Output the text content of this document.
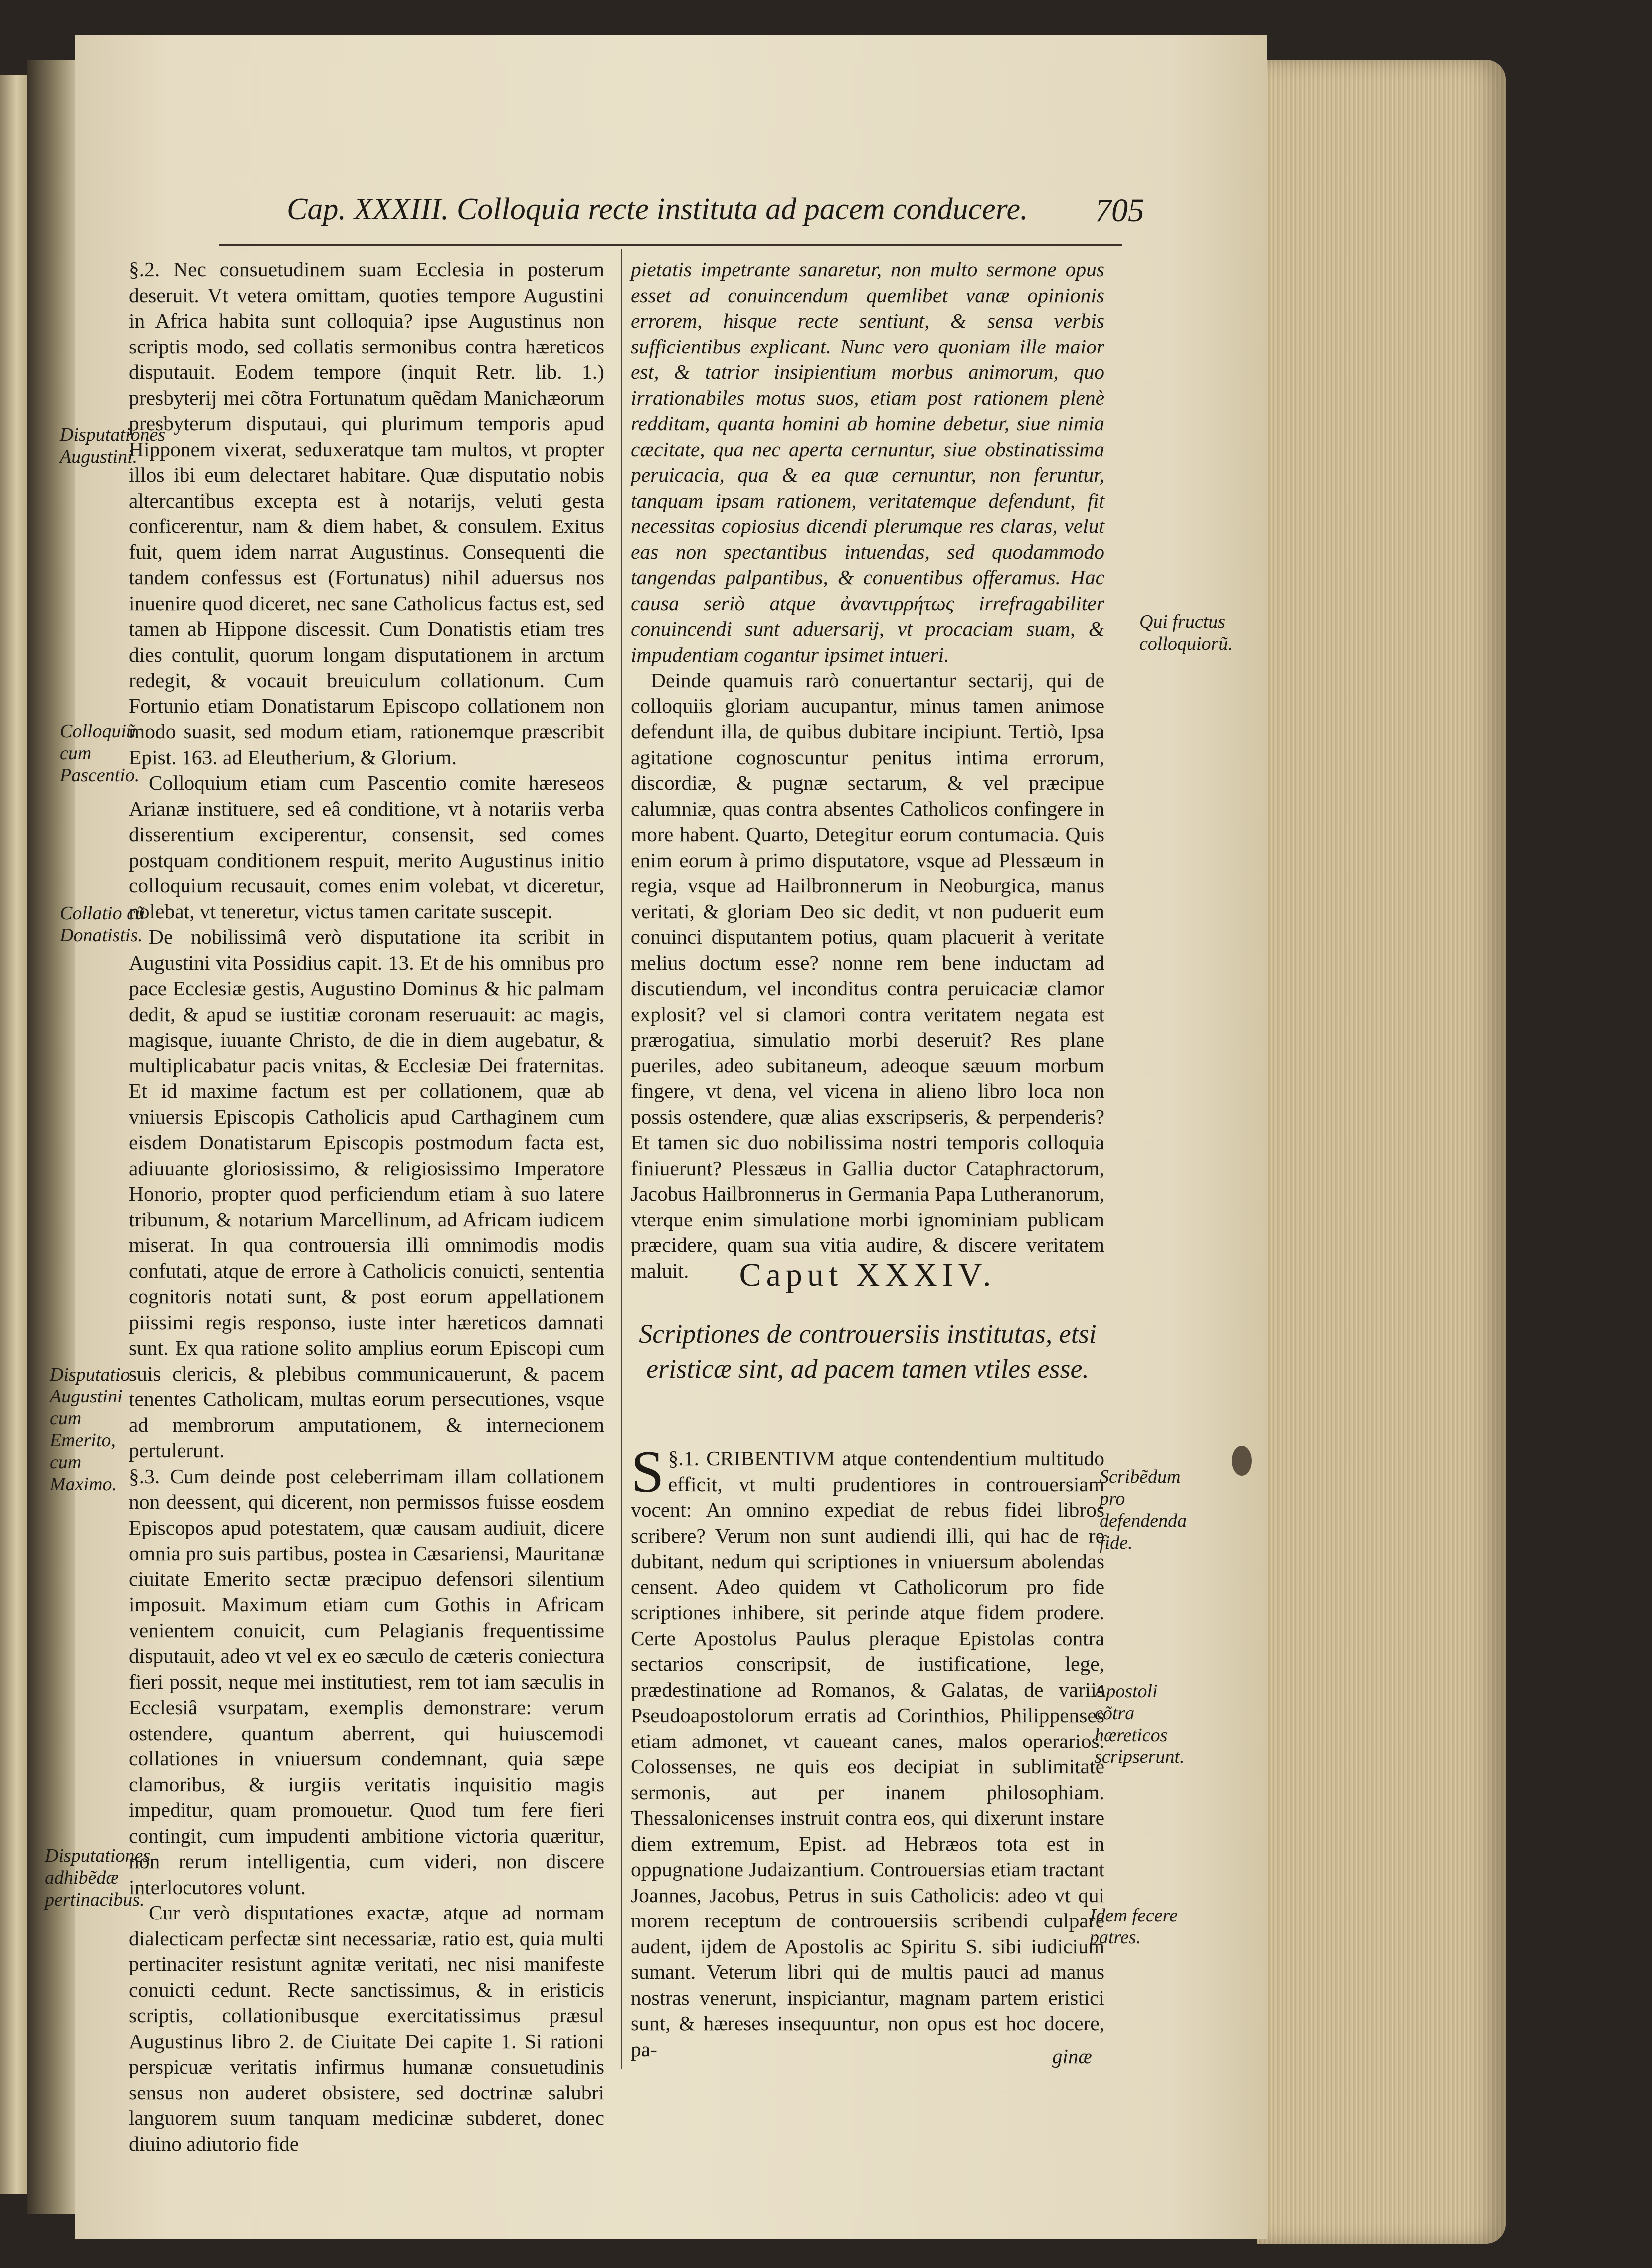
Cap. XXXIII. Colloquia recte instituta ad pacem conducere. 705

§.2. Nec consuetudinem suam Ecclesia in posterum deseruit. Vt vetera omittam, quoties tempore Augustini in Africa habita sunt colloquia? ipse Augustinus non scriptis modo, sed collatis sermonibus contra hæreticos disputauit. Eodem tempore (inquit Retr. lib. 1.) presbyterij mei cõtra Fortunatum quẽdam Manichæorum presbyterum disputaui, qui plurimum temporis apud Hipponem vixerat, seduxeratque tam multos, vt propter illos ibi eum delectaret habitare. Quæ disputatio nobis altercantibus excepta est à notarijs, veluti gesta conficerentur, nam & diem habet, & consulem. Exitus fuit, quem idem narrat Augustinus. Consequenti die tandem confessus est (Fortunatus) nihil aduersus nos inuenire quod diceret, nec sane Catholicus factus est, sed tamen ab Hippone discessit. Cum Donatistis etiam tres dies contulit, quorum longam disputationem in arctum redegit, & vocauit breuiculum collationum. Cum Fortunio etiam Donatistarum Episcopo collationem non modo suasit, sed modum etiam, rationemque præscribit Epist. 163. ad Eleutherium, & Glorium.

Colloquium etiam cum Pascentio comite hæreseos Arianæ instituere, sed eâ conditione, vt à notariis verba disserentium exciperentur, consensit, sed comes postquam conditionem respuit, merito Augustinus initio colloquium recusauit, comes enim volebat, vt diceretur, nolebat, vt teneretur, victus tamen caritate suscepit.

De nobilissimâ verò disputatione ita scribit in Augustini vita Possidius capit. 13. Et de his omnibus pro pace Ecclesiæ gestis, Augustino Dominus & hic palmam dedit, & apud se iustitiæ coronam reseruauit: ac magis, magisque, iuuante Christo, de die in diem augebatur, & multiplicabatur pacis vnitas, & Ecclesiæ Dei fraternitas. Et id maxime factum est per collationem, quæ ab vniuersis Episcopis Catholicis apud Carthaginem cum eisdem Donatistarum Episcopis postmodum facta est, adiuuante gloriosissimo, & religiosissimo Imperatore Honorio, propter quod perficiendum etiam à suo latere tribunum, & notarium Marcellinum, ad Africam iudicem miserat. In qua controuersia illi omnimodis modis confutati, atque de errore à Catholicis conuicti, sententia cognitoris notati sunt, & post eorum appellationem piissimi regis responso, iuste inter hæreticos damnati sunt. Ex qua ratione solito amplius eorum Episcopi cum suis clericis, & plebibus communicauerunt, & pacem tenentes Catholicam, multas eorum persecutiones, vsque ad membrorum amputationem, & internecionem pertulerunt.

§.3. Cum deinde post celeberrimam illam collationem non deessent, qui dicerent, non permissos fuisse eosdem Episcopos apud potestatem, quæ causam audiuit, dicere omnia pro suis partibus, postea in Cæsariensi, Mauritanæ ciuitate Emerito sectæ præcipuo defensori silentium imposuit. Maximum etiam cum Gothis in Africam venientem conuicit, cum Pelagianis frequentissime disputauit, adeo vt vel ex eo sæculo de cæteris coniectura fieri possit, neque mei institutiest, rem tot iam sæculis in Ecclesiâ vsurpatam, exemplis demonstrare: verum ostendere, quantum aberrent, qui huiuscemodi collationes in vniuersum condemnant, quia sæpe clamoribus, & iurgiis veritatis inquisitio magis impeditur, quam promouetur. Quod tum fere fieri contingit, cum impudenti ambitione victoria quæritur, non rerum intelligentia, cum videri, non discere interlocutores volunt.

Cur verò disputationes exactæ, atque ad normam dialecticam perfectæ sint necessariæ, ratio est, quia multi pertinaciter resistunt agnitæ veritati, nec nisi manifeste conuicti cedunt. Recte sanctissimus, & in eristicis scriptis, collationibusque exercitatissimus præsul Augustinus libro 2. de Ciuitate Dei capite 1. Si rationi perspicuæ veritatis infirmus humanæ consuetudinis sensus non auderet obsistere, sed doctrinæ salubri languorem suum tanquam medicinæ subderet, donec diuino adiutorio fide

pietatis impetrante sanaretur, non multo sermone opus esset ad conuincendum quemlibet vanæ opinionis errorem, hisque recte sentiunt, & sensa verbis sufficientibus explicant. Nunc vero quoniam ille maior est, & tatrior insipientium morbus animorum, quo irrationabiles motus suos, etiam post rationem plenè redditam, quanta homini ab homine debetur, siue nimia cæcitate, qua nec aperta cernuntur, siue obstinatissima peruicacia, qua & ea quæ cernuntur, non feruntur, tanquam ipsam rationem, veritatemque defendunt, fit necessitas copiosius dicendi plerumque res claras, velut eas non spectantibus intuendas, sed quodammodo tangendas palpantibus, & conuentibus offeramus. Hac causa seriò atque ἀναντιρρήτως irrefragabiliter conuincendi sunt aduersarij, vt procaciam suam, & impudentiam cogantur ipsimet intueri.

Deinde quamuis rarò conuertantur sectarij, qui de colloquiis gloriam aucupantur, minus tamen animose defendunt illa, de quibus dubitare incipiunt. Tertiò, Ipsa agitatione cognoscuntur penitus intima errorum, discordiæ, & pugnæ sectarum, & vel præcipue calumniæ, quas contra absentes Catholicos confingere in more habent. Quarto, Detegitur eorum contumacia. Quis enim eorum à primo disputatore, vsque ad Plessæum in regia, vsque ad Hailbronnerum in Neoburgica, manus veritati, & gloriam Deo sic dedit, vt non puduerit eum conuinci disputantem potius, quam placuerit à veritate melius doctum esse? nonne rem bene inductam ad discutiendum, vel inconditus contra peruicaciæ clamor explosit? vel si clamori contra veritatem negata est prærogatiua, simulatio morbi deseruit? Res plane pueriles, adeo subitaneum, adeoque sæuum morbum fingere, vt dena, vel vicena in alieno libro loca non possis ostendere, quæ alias exscripseris, & perpenderis? Et tamen sic duo nobilissima nostri temporis colloquia finiuerunt? Plessæus in Gallia ductor Cataphractorum, Jacobus Hailbronnerus in Germania Papa Lutheranorum, vterque enim simulatione morbi ignominiam publicam præcidere, quam sua vitia audire, & discere veritatem maluit.	Caput XXXIV.
Scriptiones de controuersiis institutas, etsi eristicæ sint, ad pacem tamen vtiles esse.
§.1.
S CRIBENTIVM atque contendentium multitudo efficit, vt multi prudentiores in controuersiam vocent: An omnino expediat de rebus fidei libros scribere? Verum non sunt audiendi illi, qui hac de re dubitant, nedum qui scriptiones in vniuersum abolendas censent. Adeo quidem vt Catholicorum pro fide scriptiones inhibere, sit perinde atque fidem prodere. Certe Apostolus Paulus pleraque Epistolas contra sectarios conscripsit, de iustificatione, lege, prædestinatione ad Romanos, & Galatas, de variis Pseudoapostolorum erratis ad Corinthios, Philippenses etiam admonet, vt caueant canes, malos operarios. Colossenses, ne quis eos decipiat in sublimitate sermonis, aut per inanem philosophiam. Thessalonicenses instruit contra eos, qui dixerunt instare diem extremum, Epist. ad Hebræos tota est in oppugnatione Judaizantium. Controuersias etiam tractant Joannes, Jacobus, Petrus in suis Catholicis: adeo vt qui morem receptum de controuersiis scribendi culpare audent, ijdem de Apostolis ac Spiritu S. sibi iudicium sumant. Veterum libri qui de multis pauci ad manus nostras venerunt, inspiciantur, magnam partem eristici sunt, & hæreses insequuntur, non opus est hoc docere, pa-	ginæ
Disputationes Augustini.
Colloquiũ cum Pascentio.
Collatio cũ Donatistis.
Disputatio Augustini cum Emerito, cum Maximo.
Disputationes adhibẽdæ pertinacibus.
Qui fructus colloquiorũ.
Scribẽdum pro defendenda fide.
Apostoli cõtra hæreticos scripserunt.
Idem fecere patres.
